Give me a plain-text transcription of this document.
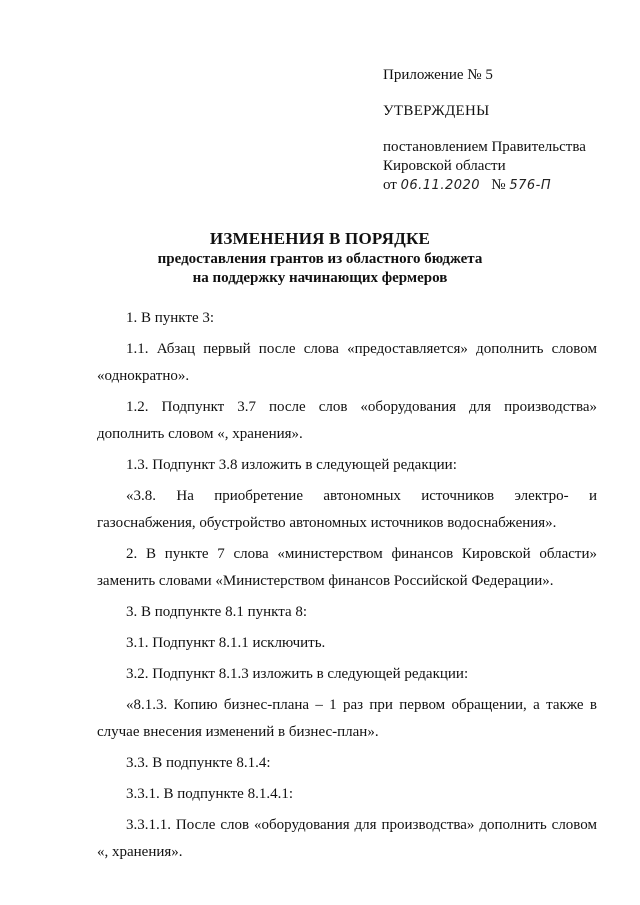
Приложение № 5
УТВЕРЖДЕНЫ
постановлением Правительства
Кировской области
от 06.11.2020 № 576-П
ИЗМЕНЕНИЯ В ПОРЯДКЕ
предоставления грантов из областного бюджета
на поддержку начинающих фермеров

1. В пункте 3:

1.1. Абзац первый после слова «предоставляется» дополнить словом «однократно».

1.2. Подпункт 3.7 после слов «оборудования для производства» дополнить словом «, хранения».

1.3. Подпункт 3.8 изложить в следующей редакции:

«3.8. На приобретение автономных источников электро- и газоснабжения, обустройство автономных источников водоснабжения».

2. В пункте 7 слова «министерством финансов Кировской области» заменить словами «Министерством финансов Российской Федерации».

3. В подпункте 8.1 пункта 8:

3.1. Подпункт 8.1.1 исключить.

3.2. Подпункт 8.1.3 изложить в следующей редакции:

«8.1.3. Копию бизнес-плана – 1 раз при первом обращении, а также в случае внесения изменений в бизнес-план».

3.3. В подпункте 8.1.4:

3.3.1. В подпункте 8.1.4.1:

3.3.1.1. После слов «оборудования для производства» дополнить словом «, хранения».
